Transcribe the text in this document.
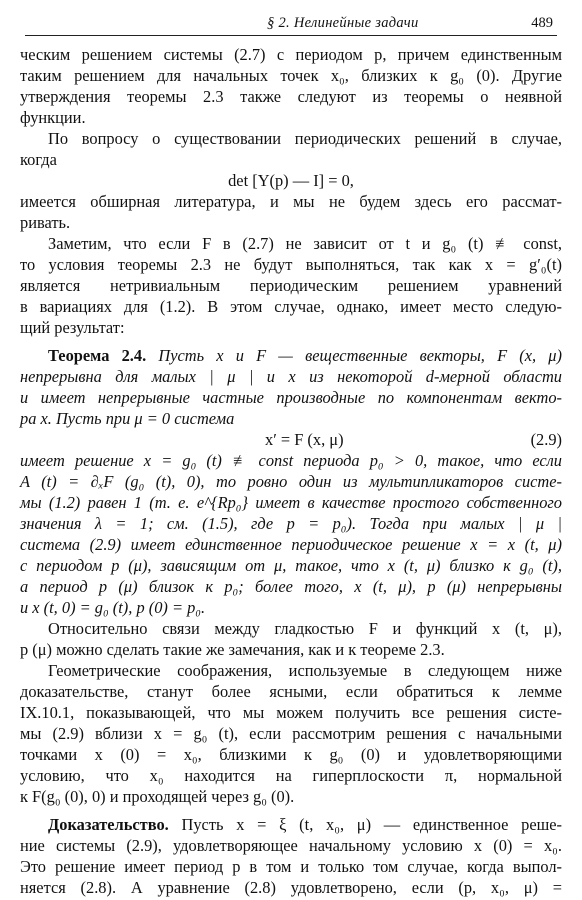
§ 2. Нелинейные задачи	489
ческим решением системы (2.7) с периодом p, причем единственным
таким решением для начальных точек x₀, близких к g₀ (0). Другие
утверждения теоремы 2.3 также следуют из теоремы о неявной
функции.
По вопросу о существовании периодических решений в случае,
когда
det [Y(p) — I] = 0,
имеется обширная литература, и мы не будем здесь его рассмат-
ривать.
Заметим, что если F в (2.7) не зависит от t и g₀ (t) ≢ const,
то условия теоремы 2.3 не будут выполняться, так как x = g′₀(t)
является нетривиальным периодическим решением уравнений
в вариациях для (1.2). В этом случае, однако, имеет место следую-
щий результат:
Теорема 2.4. Пусть x и F — вещественные векторы, F (x, μ)
непрерывна для малых | μ | и x из некоторой d-мерной области
и имеет непрерывные частные производные по компонентам векто-
ра x. Пусть при μ = 0 система
x′ = F (x, μ)	(2.9)
имеет решение x = g₀ (t) ≢ const периода p₀ > 0, такое, что если
A (t) = ∂ₓF (g₀ (t), 0), то ровно один из мультипликаторов систе-
мы (1.2) равен 1 (т. е. e^{Rp₀} имеет в качестве простого собственного
значения λ = 1; см. (1.5), где p = p₀). Тогда при малых | μ |
система (2.9) имеет единственное периодическое решение x = x (t, μ)
с периодом p (μ), зависящим от μ, такое, что x (t, μ) близко к g₀ (t),
а период p (μ) близок к p₀; более того, x (t, μ), p (μ) непрерывны
и x (t, 0) = g₀ (t), p (0) = p₀.
Относительно связи между гладкостью F и функций x (t, μ),
p (μ) можно сделать такие же замечания, как и к теореме 2.3.
Геометрические соображения, используемые в следующем ниже
доказательстве, станут более ясными, если обратиться к лемме
IX.10.1, показывающей, что мы можем получить все решения систе-
мы (2.9) вблизи x = g₀ (t), если рассмотрим решения с начальными
точками x (0) = x₀, близкими к g₀ (0) и удовлетворяющими
условию, что x₀ находится на гиперплоскости π, нормальной
к F(g₀ (0), 0) и проходящей через g₀ (0).
Доказательство. Пусть x = ξ (t, x₀, μ) — единственное реше-
ние системы (2.9), удовлетворяющее начальному условию x (0) = x₀.
Это решение имеет период p в том и только том случае, когда выпол-
няется (2.8). А уравнение (2.8) удовлетворено, если (p, x₀, μ) =
